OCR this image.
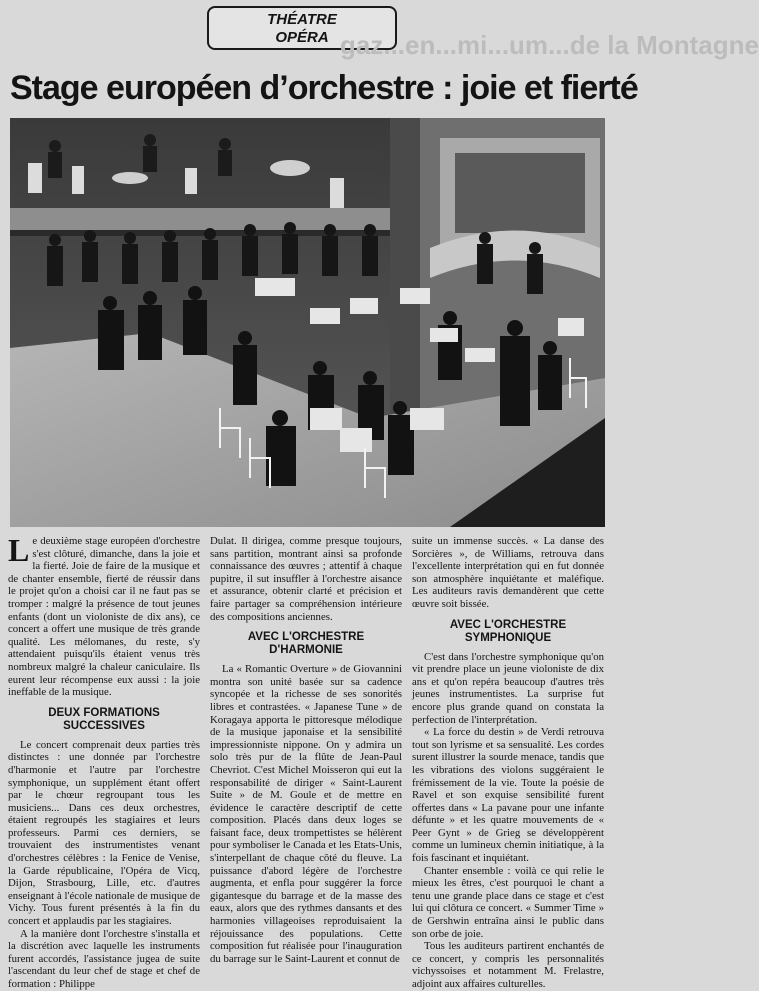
THÉATRE
OPÉRA gaz...en...mi...um...de la Montagne
Stage européen d’orchestre : joie et fierté

Le deuxième stage européen d'orchestre s'est clôturé, dimanche, dans la joie et la fierté. Joie de faire de la musique et de chanter ensemble, fierté de réussir dans le projet qu'on a choisi car il ne faut pas se tromper : malgré la présence de tout jeunes enfants (dont un violoniste de dix ans), ce concert a offert une musique de très grande qualité. Les mélomanes, du reste, s'y attendaient puisqu'ils étaient venus très nombreux malgré la chaleur caniculaire. Ils eurent leur récompense eux aussi : la joie ineffable de la musique.

DEUX FORMATIONS SUCCESSIVES

Le concert comprenait deux parties très distinctes : une donnée par l'orchestre d'harmonie et l'autre par l'orchestre symphonique, un supplément étant offert par le chœur regroupant tous les musiciens... Dans ces deux orchestres, étaient regroupés les stagiaires et leurs professeurs. Parmi ces derniers, se trouvaient des instrumentistes venant d'orchestres célèbres : la Fenice de Venise, la Garde républicaine, l'Opéra de Vicq, Dijon, Strasbourg, Lille, etc. d'autres enseignant à l'école nationale de musique de Vichy. Tous furent présentés à la fin du concert et applaudis par les stagiaires.

A la manière dont l'orchestre s'installa et la discrétion avec laquelle les instruments furent accordés, l'assistance jugea de suite l'ascendant du leur chef de stage et chef de formation : Philippe

Dulat. Il dirigea, comme presque toujours, sans partition, montrant ainsi sa profonde connaissance des œuvres ; attentif à chaque pupitre, il sut insuffler à l'orchestre aisance et assurance, obtenir clarté et précision et faire partager sa compréhension intérieure des compositions anciennes.

AVEC L'ORCHESTRE D'HARMONIE

La « Romantic Overture » de Giovannini montra son unité basée sur sa cadence syncopée et la richesse de ses sonorités libres et contrastées. « Japanese Tune » de Koragaya apporta le pittoresque mélodique de la musique japonaise et la sensibilité impressionniste nippone. On y admira un solo très pur de la flûte de Jean-Paul Chevriot. C'est Michel Moisseron qui eut la responsabilité de diriger « Saint-Laurent Suite » de M. Goule et de mettre en évidence le caractère descriptif de cette composition. Placés dans deux loges se faisant face, deux trompettistes se hélèrent pour symboliser le Canada et les Etats-Unis, s'interpellant de chaque côté du fleuve. La puissance d'abord légère de l'orchestre augmenta, et enfla pour suggérer la force gigantesque du barrage et de la masse des eaux, alors que des rythmes dansants et des harmonies villageoises reproduisaient la réjouissance des populations. Cette composition fut réalisée pour l'inauguration du barrage sur le Saint-Laurent et connut de

suite un immense succès. « La danse des Sorcières », de Williams, retrouva dans l'excellente interprétation qui en fut donnée son atmosphère inquiétante et maléfique. Les auditeurs ravis demandèrent que cette œuvre soit bissée.

AVEC L'ORCHESTRE SYMPHONIQUE

C'est dans l'orchestre symphonique qu'on vit prendre place un jeune violoniste de dix ans et qu'on repéra beaucoup d'autres très jeunes instrumentistes. La surprise fut encore plus grande quand on constata la perfection de l'interprétation.

« La force du destin » de Verdi retrouva tout son lyrisme et sa sensualité. Les cordes surent illustrer la sourde menace, tandis que les vibrations des violons suggéraient le frémissement de la vie. Toute la poésie de Ravel et son exquise sensibilité furent offertes dans « La pavane pour une infante défunte » et les quatre mouvements de « Peer Gynt » de Grieg se développèrent comme un lumineux chemin initiatique, à la fois fascinant et inquiétant.

Chanter ensemble : voilà ce qui relie le mieux les êtres, c'est pourquoi le chant a tenu une grande place dans ce stage et c'est lui qui clôtura ce concert. « Summer Time » de Gershwin entraîna ainsi le public dans son orbe de joie.

Tous les auditeurs partirent enchantés de ce concert, y compris les personnalités vichyssoises et notamment M. Frelastre, adjoint aux affaires culturelles.
